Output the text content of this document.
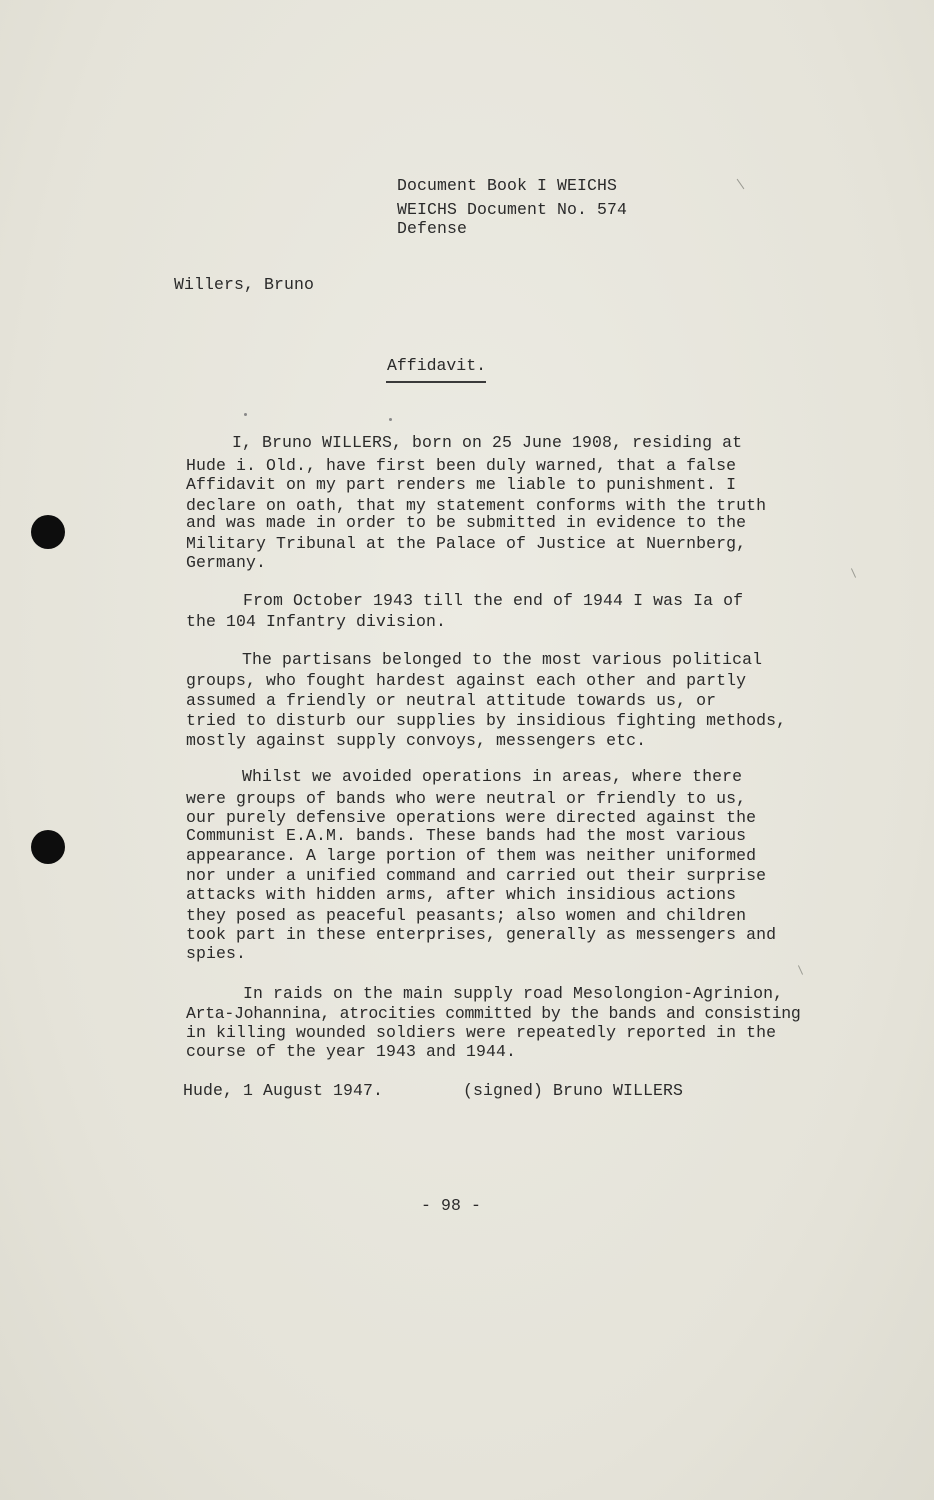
Document Book I WEICHS
WEICHS Document No. 574
Defense
Willers, Bruno
Affidavit.
I, Bruno WILLERS, born on 25 June 1908, residing at
Hude i. Old., have first been duly warned, that a false
Affidavit on my part renders me liable to punishment. I
declare on oath, that my statement conforms with the truth
and was made in order to be submitted in evidence to the
Military Tribunal at the Palace of Justice at Nuernberg,
Germany.
From October 1943 till the end of 1944 I was Ia of
the 104 Infantry division.
The partisans belonged to the most various political
groups, who fought hardest against each other and partly
assumed a friendly or neutral attitude towards us, or
tried to disturb our supplies by insidious fighting methods,
mostly against supply convoys, messengers etc.
Whilst we avoided operations in areas, where there
were groups of bands who were neutral or friendly to us,
our purely defensive operations were directed against the
Communist E.A.M. bands. These bands had the most various
appearance. A large portion of them was neither uniformed
nor under a unified command and carried out their surprise
attacks with hidden arms, after which insidious actions
they posed as peaceful peasants; also women and children
took part in these enterprises, generally as messengers and
spies.
In raids on the main supply road Mesolongion-Agrinion,
Arta-Johannina, atrocities committed by the bands and consisting
in killing wounded soldiers were repeatedly reported in the
course of the year 1943 and 1944.
Hude, 1 August 1947.	(signed) Bruno WILLERS
- 98 -
